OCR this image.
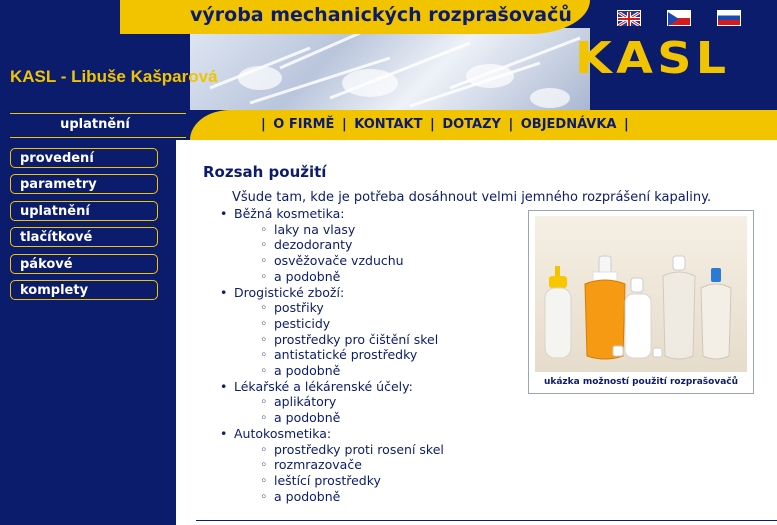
výroba mechanických rozprašovačů
KASL - Libuše Kašparová	KASL
| O FIRMĚ | KONTAKT | DOTAZY | OBJEDNÁVKA |
uplatnění
provedení
parametry
uplatnění
tlačítkové
pákové
komplety
Rozsah použití
Všude tam, kde je potřeba dosáhnout velmi jemného rozprášení kapaliny.
• Běžná kosmetika:
◦ laky na vlasy
◦ dezodoranty
◦ osvěžovače vzduchu
◦ a podobně
• Drogistické zboží:
◦ postřiky
◦ pesticidy
◦ prostředky pro čištění skel
◦ antistatické prostředky
◦ a podobně
• Lékařské a lékárenské účely:
◦ aplikátory
◦ a podobně
• Autokosmetika:
◦ prostředky proti rosení skel
◦ rozmrazovače
◦ leštící prostředky
◦ a podobně
ukázka možností použití rozprašovačů
